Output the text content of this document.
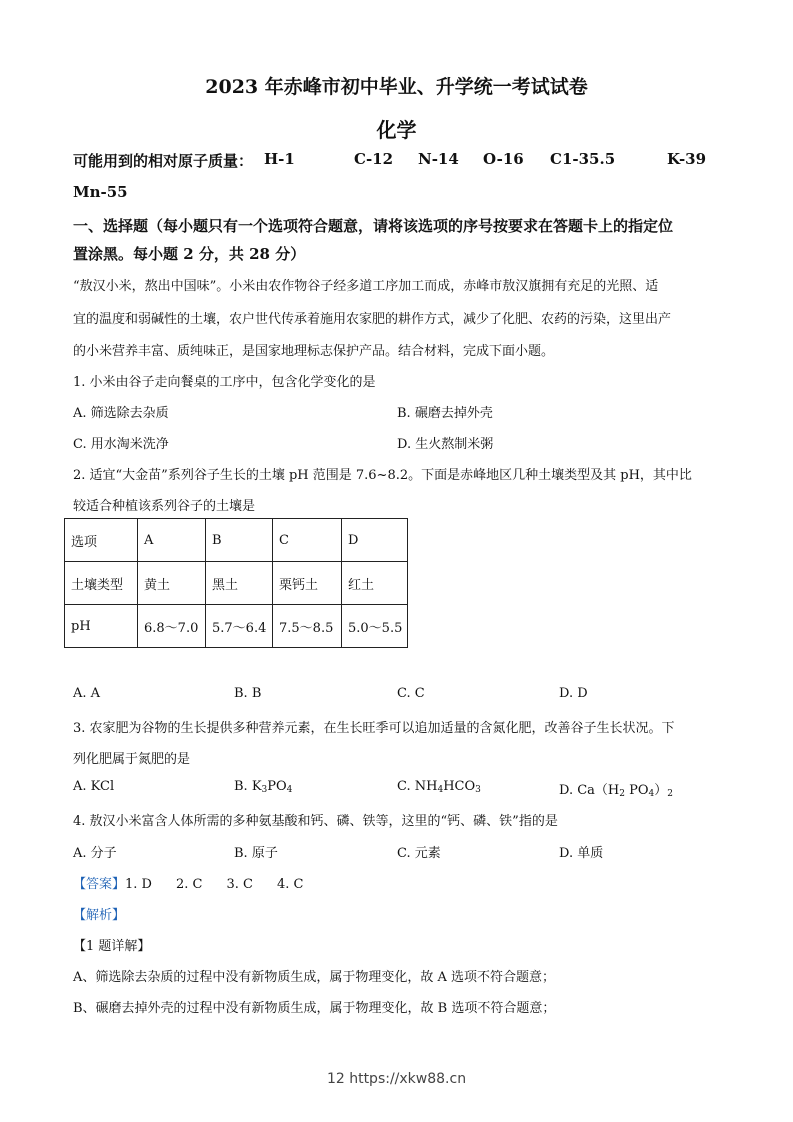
2023 年赤峰市初中毕业、升学统一考试试卷
化学
可能用到的相对原子质量： H-1	C-12 N-14 O-16 C1-35.5	K-39
Mn-55
一、选择题（每小题只有一个选项符合题意，请将该选项的序号按要求在答题卡上的指定位
置涂黑。每小题 2 分，共 28 分）
“敖汉小米，熬出中国味”。小米由农作物谷子经多道工序加工而成，赤峰市敖汉旗拥有充足的光照、适
宜的温度和弱碱性的土壤，农户世代传承着施用农家肥的耕作方式，减少了化肥、农药的污染，这里出产
的小米营养丰富、质纯味正，是国家地理标志保护产品。结合材料，完成下面小题。
1. 小米由谷子走向餐桌的工序中，包含化学变化的是
A. 筛选除去杂质	B. 碾磨去掉外壳
C. 用水淘米洗净	D. 生火熬制米粥
2. 适宜“大金苗”系列谷子生长的土壤 pH 范围是 7.6~8.2。下面是赤峰地区几种土壤类型及其 pH，其中比
较适合种植该系列谷子的土壤是
选项	A	B	C	D
土壤类型	黄土	黑土	栗钙土	红土
pH	6.8～7.0	5.7～6.4	7.5～8.5	5.0～5.5
A. A	B. B	C. C	D. D
3. 农家肥为谷物的生长提供多种营养元素，在生长旺季可以追加适量的含氮化肥，改善谷子生长状况。下
列化肥属于氮肥的是
A. KCl	B. $K_3PO_4$	C. $NH_4HCO_3$	D. $Ca(H_2$ $PO_4)_2$
4. 敖汉小米富含人体所需的多种氨基酸和钙、磷、铁等，这里的“钙、磷、铁”指的是
A. 分子	B. 原子	C. 元素	D. 单质
【答案】1. D 2. C 3. C 4. C
【解析】
【1 题详解】
A、筛选除去杂质的过程中没有新物质生成，属于物理变化，故 A 选项不符合题意；
B、碾磨去掉外壳的过程中没有新物质生成，属于物理变化，故 B 选项不符合题意；
12 https://xkw88.cn
